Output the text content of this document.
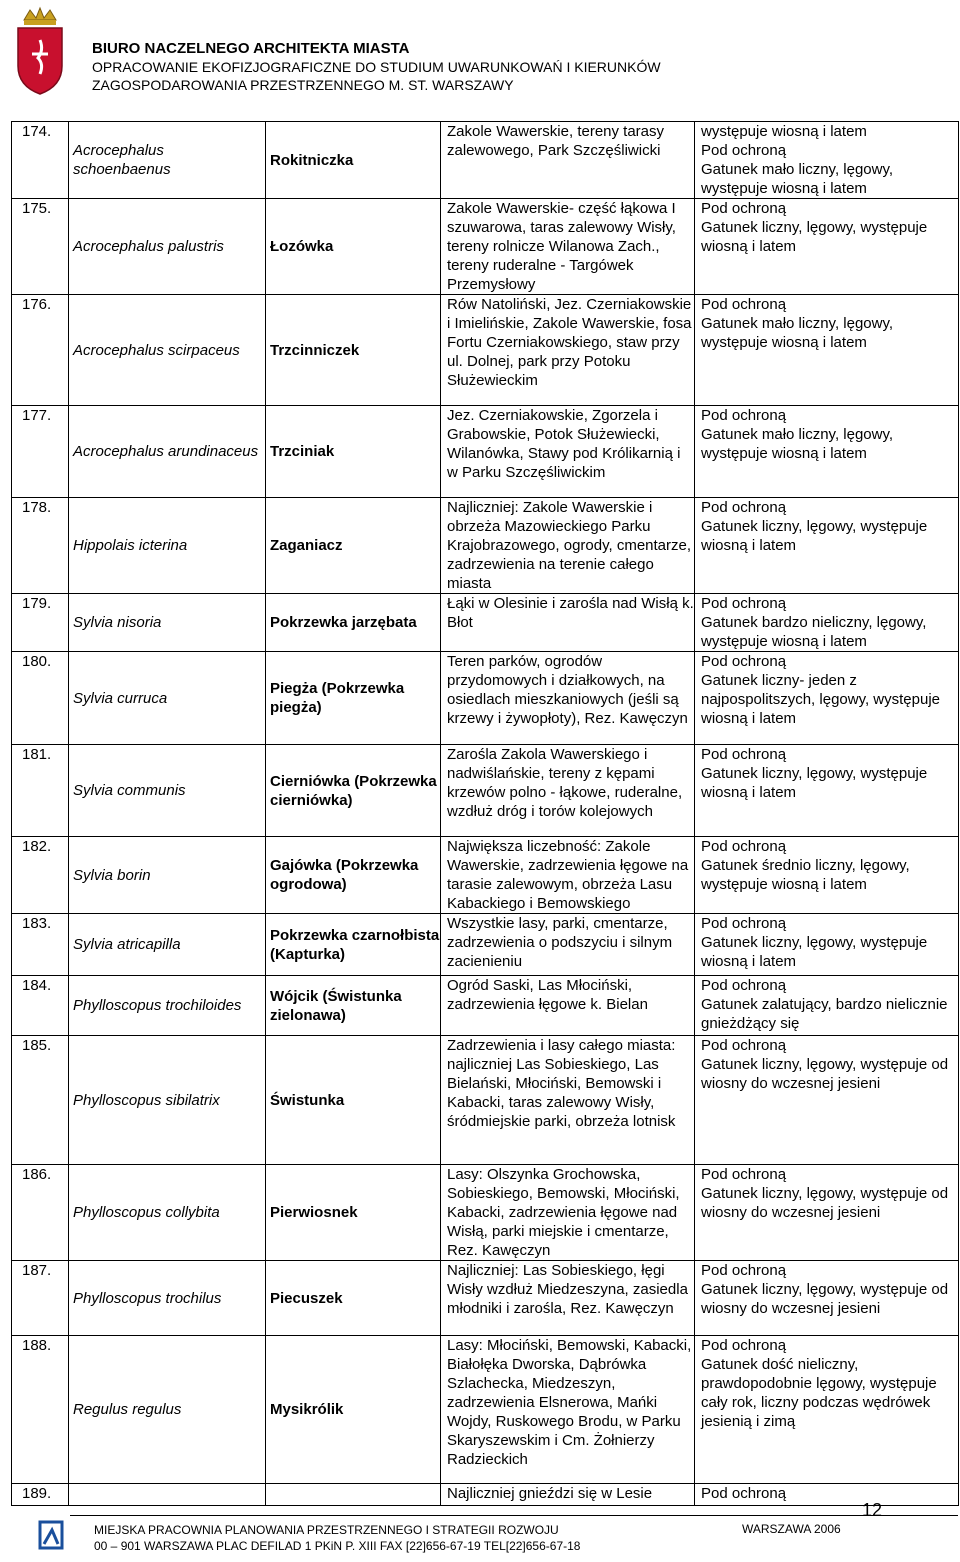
BIURO NACZELNEGO ARCHITEKTA MIASTA
OPRACOWANIE EKOFIZJOGRAFICZNE DO STUDIUM UWARUNKOWAŃ I KIERUNKÓW
ZAGOSPODAROWANIA PRZESTRZENNEGO M. ST. WARSZAWY
174.	Acrocephalus schoenbaenus	Rokitniczka	Zakole Wawerskie, tereny tarasy zalewowego, Park Szczęśliwicki	występuje wiosną i latem
Pod ochroną
Gatunek mało liczny, lęgowy, występuje wiosną i latem
175.	Acrocephalus palustris	Łozówka	Zakole Wawerskie- część łąkowa I szuwarowa, taras zalewowy Wisły, tereny rolnicze Wilanowa Zach., tereny ruderalne - Targówek Przemysłowy	Pod ochroną
Gatunek liczny, lęgowy, występuje wiosną i latem
176.	Acrocephalus scirpaceus	Trzcinniczek	Rów Natoliński, Jez. Czerniakowskie i Imielińskie, Zakole Wawerskie, fosa Fortu Czerniakowskiego, staw przy ul. Dolnej, park przy Potoku Służewieckim	Pod ochroną
Gatunek mało liczny, lęgowy, występuje wiosną i latem
177.	Acrocephalus arundinaceus	Trzciniak	Jez. Czerniakowskie, Zgorzela i Grabowskie, Potok Służewiecki, Wilanówka, Stawy pod Królikarnią i w Parku Szczęśliwickim	Pod ochroną
Gatunek mało liczny, lęgowy, występuje wiosną i latem
178.	Hippolais icterina	Zaganiacz	Najliczniej: Zakole Wawerskie i obrzeża Mazowieckiego Parku Krajobrazowego, ogrody, cmentarze, zadrzewienia na terenie całego miasta	Pod ochroną
Gatunek liczny, lęgowy, występuje wiosną i latem
179.	Sylvia nisoria	Pokrzewka jarzębata	Łąki w Olesinie i zarośla nad Wisłą k. Błot	Pod ochroną
Gatunek bardzo nieliczny, lęgowy, występuje wiosną i latem
180.	Sylvia curruca	Piegża (Pokrzewka piegża)	Teren parków, ogrodów przydomowych i działkowych, na osiedlach mieszkaniowych (jeśli są krzewy i żywopłoty), Rez. Kawęczyn	Pod ochroną
Gatunek liczny- jeden z najpospolitszych, lęgowy, występuje wiosną i latem
181.	Sylvia communis	Cierniówka (Pokrzewka cierniówka)	Zarośla Zakola Wawerskiego i nadwiślańskie, tereny z kępami krzewów polno - łąkowe, ruderalne, wzdłuż dróg i torów kolejowych	Pod ochroną
Gatunek liczny, lęgowy, występuje wiosną i latem
182.	Sylvia borin	Gajówka (Pokrzewka ogrodowa)	Największa liczebność: Zakole Wawerskie, zadrzewienia łęgowe na tarasie zalewowym, obrzeża Lasu Kabackiego i Bemowskiego	Pod ochroną
Gatunek średnio liczny, lęgowy, występuje wiosną i latem
183.	Sylvia atricapilla	Pokrzewka czarnołbista (Kapturka)	Wszystkie lasy, parki, cmentarze, zadrzewienia o podszyciu i silnym zacienieniu	Pod ochroną
Gatunek liczny, lęgowy, występuje wiosną i latem
184.	Phylloscopus trochiloides	Wójcik (Świstunka zielonawa)	Ogród Saski, Las Młociński, zadrzewienia łęgowe k. Bielan	Pod ochroną
Gatunek zalatujący, bardzo nielicznie gnieżdżący się
185.	Phylloscopus sibilatrix	Świstunka	Zadrzewienia i lasy całego miasta: najliczniej Las Sobieskiego, Las Bielański, Młociński, Bemowski i Kabacki, taras zalewowy Wisły, śródmiejskie parki, obrzeża lotnisk	Pod ochroną
Gatunek liczny, lęgowy, występuje od wiosny do wczesnej jesieni
186.	Phylloscopus collybita	Pierwiosnek	Lasy: Olszynka Grochowska, Sobieskiego, Bemowski, Młociński, Kabacki, zadrzewienia łęgowe nad Wisłą, parki miejskie i cmentarze, Rez. Kawęczyn	Pod ochroną
Gatunek liczny, lęgowy, występuje od wiosny do wczesnej jesieni
187.	Phylloscopus trochilus	Piecuszek	Najliczniej: Las Sobieskiego, łęgi Wisły wzdłuż Miedzeszyna, zasiedla młodniki i zarośla, Rez. Kawęczyn	Pod ochroną
Gatunek liczny, lęgowy, występuje od wiosny do wczesnej jesieni
188.	Regulus regulus	Mysikrólik	Lasy: Młociński, Bemowski, Kabacki, Białołęka Dworska, Dąbrówka Szlachecka, Miedzeszyn, zadrzewienia Elsnerowa, Mańki Wojdy, Ruskowego Brodu, w Parku Skaryszewskim i Cm. Żołnierzy Radzieckich	Pod ochroną
Gatunek dość nieliczny, prawdopodobnie lęgowy, występuje cały rok, liczny podczas wędrówek jesienią i zimą
189.			Najliczniej gnieździ się w Lesie	Pod ochroną
12
MIEJSKA PRACOWNIA PLANOWANIA PRZESTRZENNEGO I STRATEGII ROZWOJU
00 – 901 WARSZAWA PLAC DEFILAD 1 PKiN P. XIII FAX [22]656-67-19 TEL[22]656-67-18
WARSZAWA 2006
